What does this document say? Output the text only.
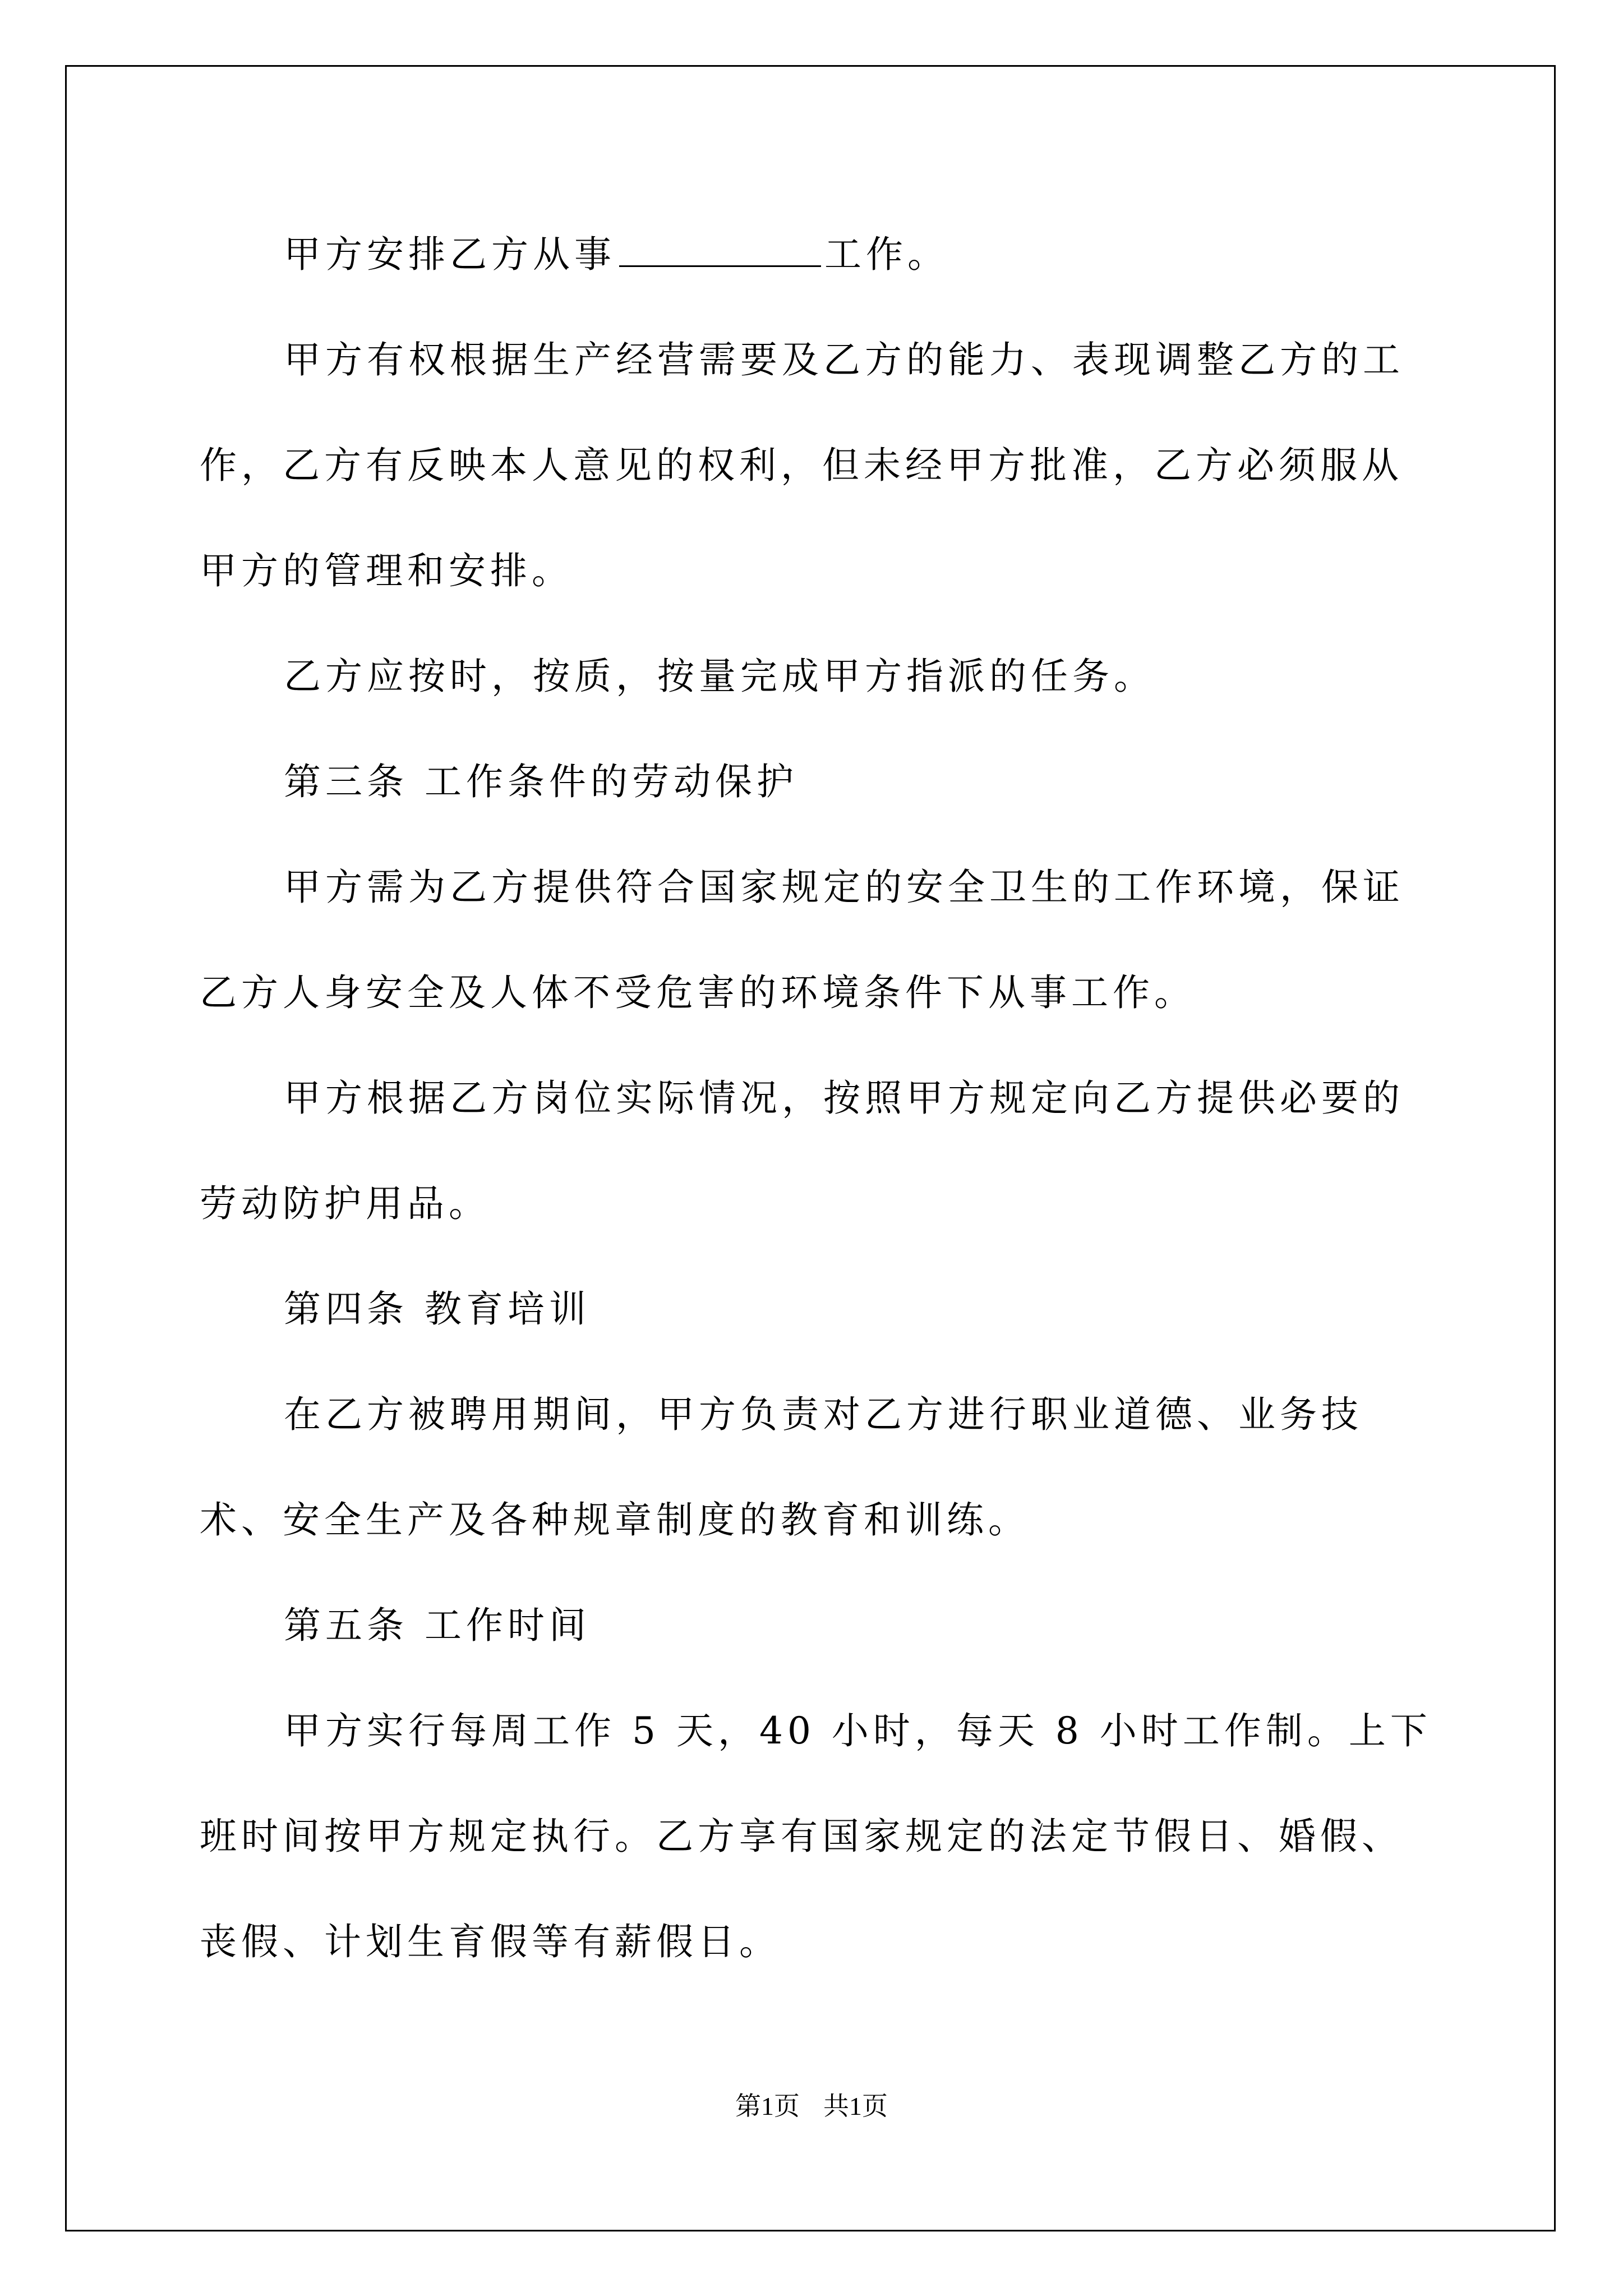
甲方安排乙方从事	工作。

甲方有权根据生产经营需要及乙方的能力、表现调整乙方的工作，乙方有反映本人意见的权利，但未经甲方批准，乙方必须服从甲方的管理和安排。

乙方应按时，按质，按量完成甲方指派的任务。

第三条 工作条件的劳动保护

甲方需为乙方提供符合国家规定的安全卫生的工作环境，保证乙方人身安全及人体不受危害的环境条件下从事工作。

甲方根据乙方岗位实际情况，按照甲方规定向乙方提供必要的劳动防护用品。

第四条 教育培训

在乙方被聘用期间，甲方负责对乙方进行职业道德、业务技术、安全生产及各种规章制度的教育和训练。

第五条 工作时间

甲方实行每周工作 5 天，40 小时，每天 8 小时工作制。上下班时间按甲方规定执行。乙方享有国家规定的法定节假日、婚假、丧假、计划生育假等有薪假日。

第1页 共1页
